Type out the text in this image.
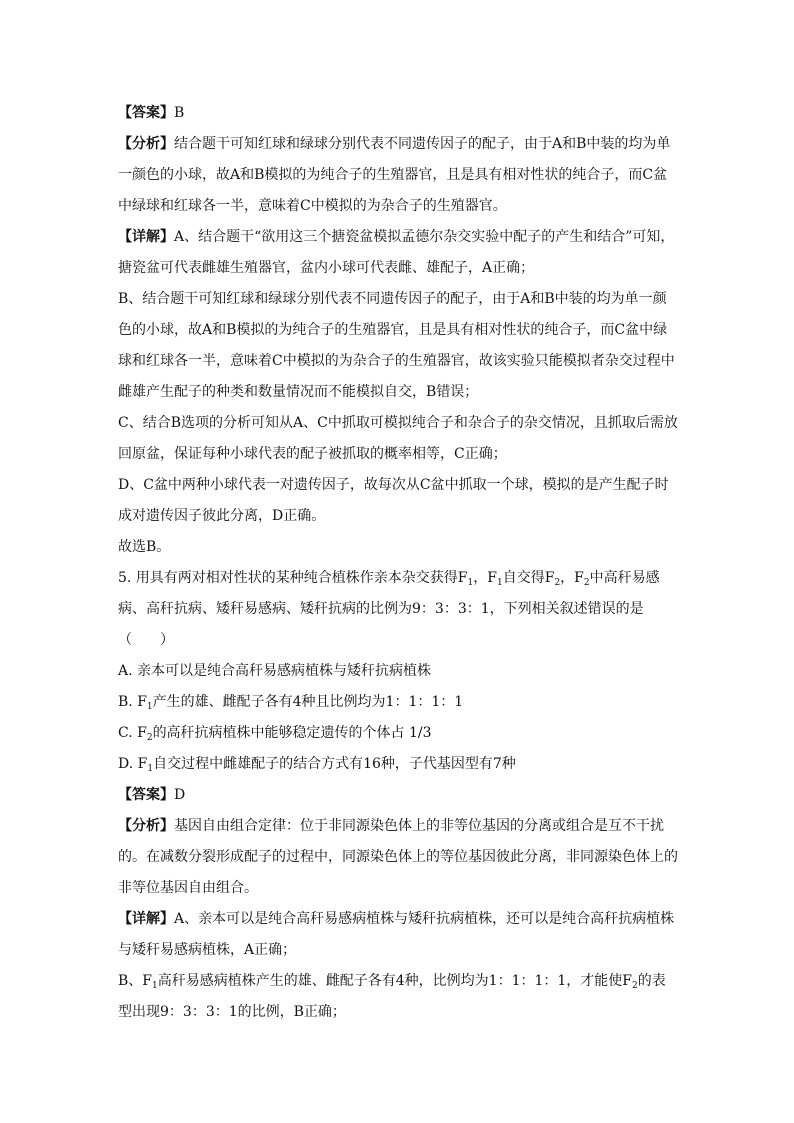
【答案】B

【分析】结合题干可知红球和绿球分别代表不同遗传因子的配子，由于A和B中装的均为单一颜色的小球，故A和B模拟的为纯合子的生殖器官，且是具有相对性状的纯合子，而C盆中绿球和红球各一半，意味着C中模拟的为杂合子的生殖器官。

【详解】A、结合题干“欲用这三个搪瓷盆模拟孟德尔杂交实验中配子的产生和结合”可知，搪瓷盆可代表雌雄生殖器官，盆内小球可代表雌、雄配子，A正确；

B、结合题干可知红球和绿球分别代表不同遗传因子的配子，由于A和B中装的均为单一颜色的小球，故A和B模拟的为纯合子的生殖器官，且是具有相对性状的纯合子，而C盆中绿球和红球各一半，意味着C中模拟的为杂合子的生殖器官，故该实验只能模拟者杂交过程中雌雄产生配子的种类和数量情况而不能模拟自交，B错误；

C、结合B选项的分析可知从A、C中抓取可模拟纯合子和杂合子的杂交情况，且抓取后需放回原盆，保证每种小球代表的配子被抓取的概率相等，C正确；

D、C盆中两种小球代表一对遗传因子，故每次从C盆中抓取一个球，模拟的是产生配子时成对遗传因子彼此分离，D正确。

故选B。

5. 用具有两对相对性状的某种纯合植株作亲本杂交获得$F_1$，$F_1$自交得$F_2$，$F_2$中高秆易感病、高秆抗病、矮秆易感病、矮秆抗病的比例为9：3：3：1，下列相关叙述错误的是（　　）

A. 亲本可以是纯合高秆易感病植株与矮秆抗病植株

B. $F_1$产生的雄、雌配子各有4种且比例均为1：1：1：1

C. $F_2$的高秆抗病植株中能够稳定遗传的个体占 1/3

D. $F_1$自交过程中雌雄配子的结合方式有16种，子代基因型有7种

【答案】D

【分析】基因自由组合定律：位于非同源染色体上的非等位基因的分离或组合是互不干扰的。在减数分裂形成配子的过程中，同源染色体上的等位基因彼此分离，非同源染色体上的非等位基因自由组合。

【详解】A、亲本可以是纯合高秆易感病植株与矮秆抗病植株，还可以是纯合高秆抗病植株与矮秆易感病植株，A正确；

B、$F_1$高秆易感病植株产生的雄、雌配子各有4种，比例均为1：1：1：1，才能使$F_2$的表型出现9：3：3：1的比例，B正确；
